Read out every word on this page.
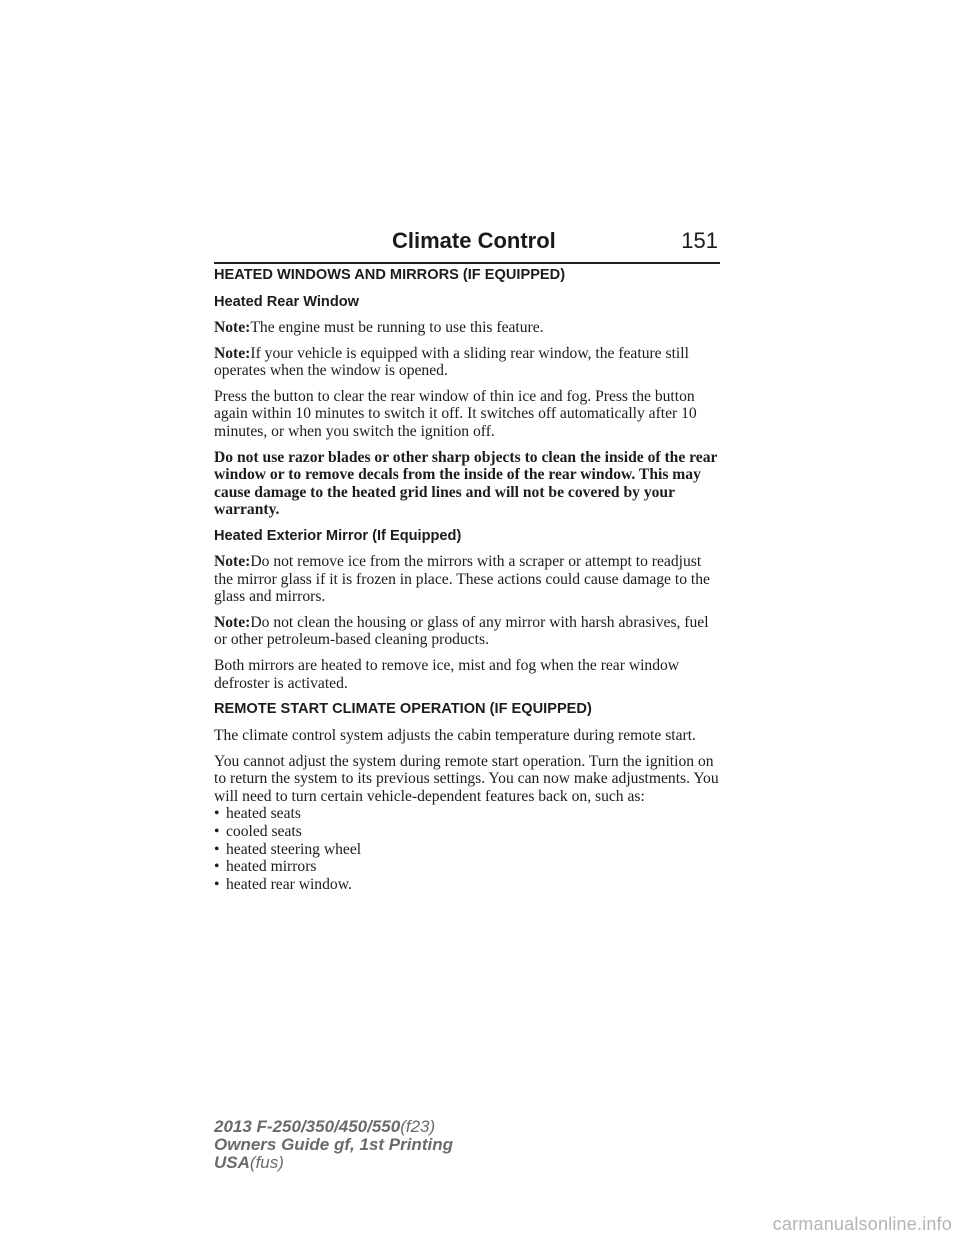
Climate Control	151
HEATED WINDOWS AND MIRRORS (IF EQUIPPED)
Heated Rear Window

Note:The engine must be running to use this feature.

Note:If your vehicle is equipped with a sliding rear window, the feature still operates when the window is opened.

Press the button to clear the rear window of thin ice and fog. Press the button again within 10 minutes to switch it off. It switches off automatically after 10 minutes, or when you switch the ignition off.

Do not use razor blades or other sharp objects to clean the inside of the rear window or to remove decals from the inside of the rear window. This may cause damage to the heated grid lines and will not be covered by your warranty.

Heated Exterior Mirror (If Equipped)

Note:Do not remove ice from the mirrors with a scraper or attempt to readjust the mirror glass if it is frozen in place. These actions could cause damage to the glass and mirrors.

Note:Do not clean the housing or glass of any mirror with harsh abrasives, fuel or other petroleum-based cleaning products.

Both mirrors are heated to remove ice, mist and fog when the rear window defroster is activated.

REMOTE START CLIMATE OPERATION (IF EQUIPPED)

The climate control system adjusts the cabin temperature during remote start.

You cannot adjust the system during remote start operation. Turn the ignition on to return the system to its previous settings. You can now make adjustments. You will need to turn certain vehicle-dependent features back on, such as:

• heated seats
• cooled seats
• heated steering wheel
• heated mirrors
• heated rear window.
2013 F-250/350/450/550(f23)
Owners Guide gf, 1st Printing
USA(fus)
carmanualsonline.info
